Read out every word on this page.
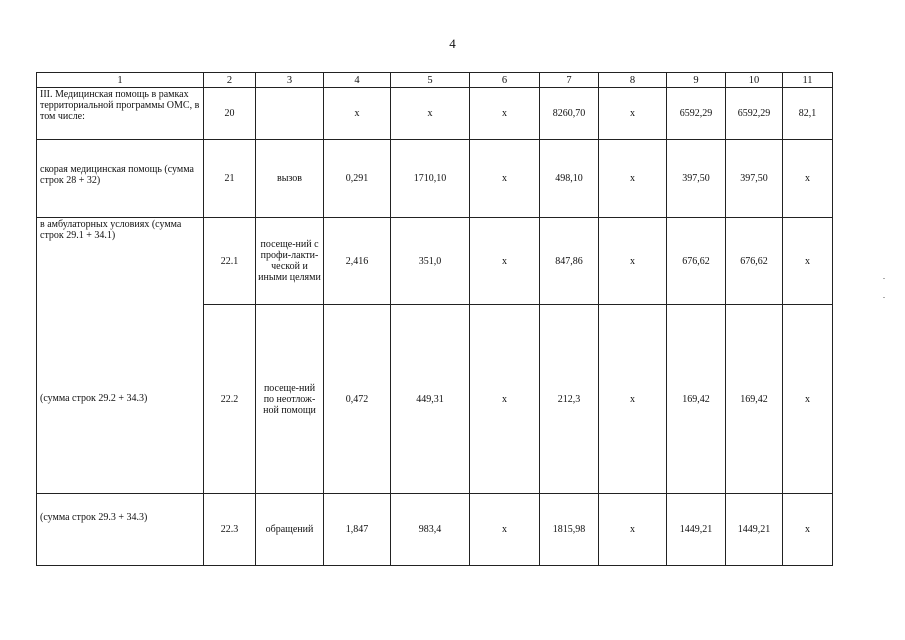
4
1	2	3	4	5	6	7	8	9	10	11
III. Медицинская помощь в рамках территориальной программы ОМС, в том числе:	20		х	х	х	8260,70	х	6592,29	6592,29	82,1
скорая медицинская помощь (сумма строк 28 + 32)	21	вызов	0,291	1710,10	х	498,10	х	397,50	397,50	х
в амбулаторных условиях (сумма строк 29.1 + 34.1)	22.1	посеще-ний с профи-лакти-ческой и иными целями	2,416	351,0	х	847,86	х	676,62	676,62	х
(сумма строк 29.2 + 34.3)	22.2	посеще-ний по неотлож-ной помощи	0,472	449,31	х	212,3	х	169,42	169,42	х
(сумма строк 29.3 + 34.3)	22.3	обращений	1,847	983,4	х	1815,98	х	1449,21	1449,21	х
